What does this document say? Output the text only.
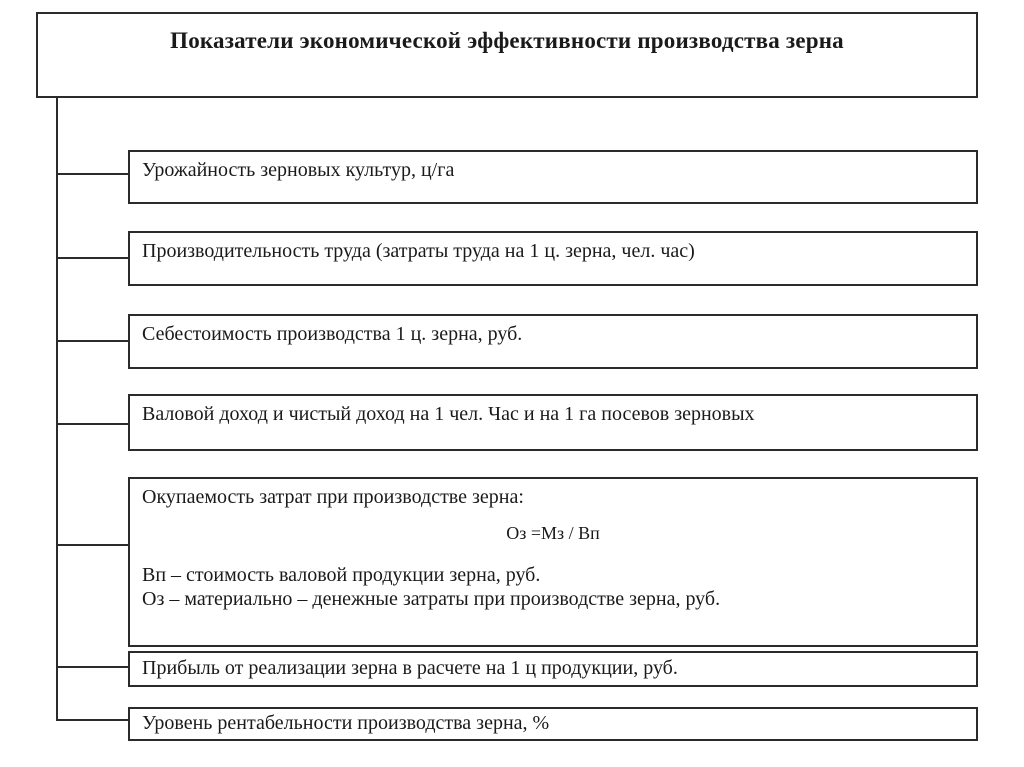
Показатели экономической эффективности производства зерна
Урожайность зерновых культур, ц/га
Производительность труда (затраты труда на 1 ц. зерна, чел. час)
Себестоимость производства 1 ц. зерна, руб.
Валовой доход и чистый доход на 1 чел. Час и на 1 га посевов зерновых
Окупаемость затрат при производстве зерна:
Оз =Мз / Вп
Вп – стоимость валовой продукции зерна, руб.
Оз – материально – денежные затраты при производстве зерна, руб.
Прибыль от реализации зерна в расчете на 1 ц продукции, руб.
Уровень рентабельности производства зерна, %
